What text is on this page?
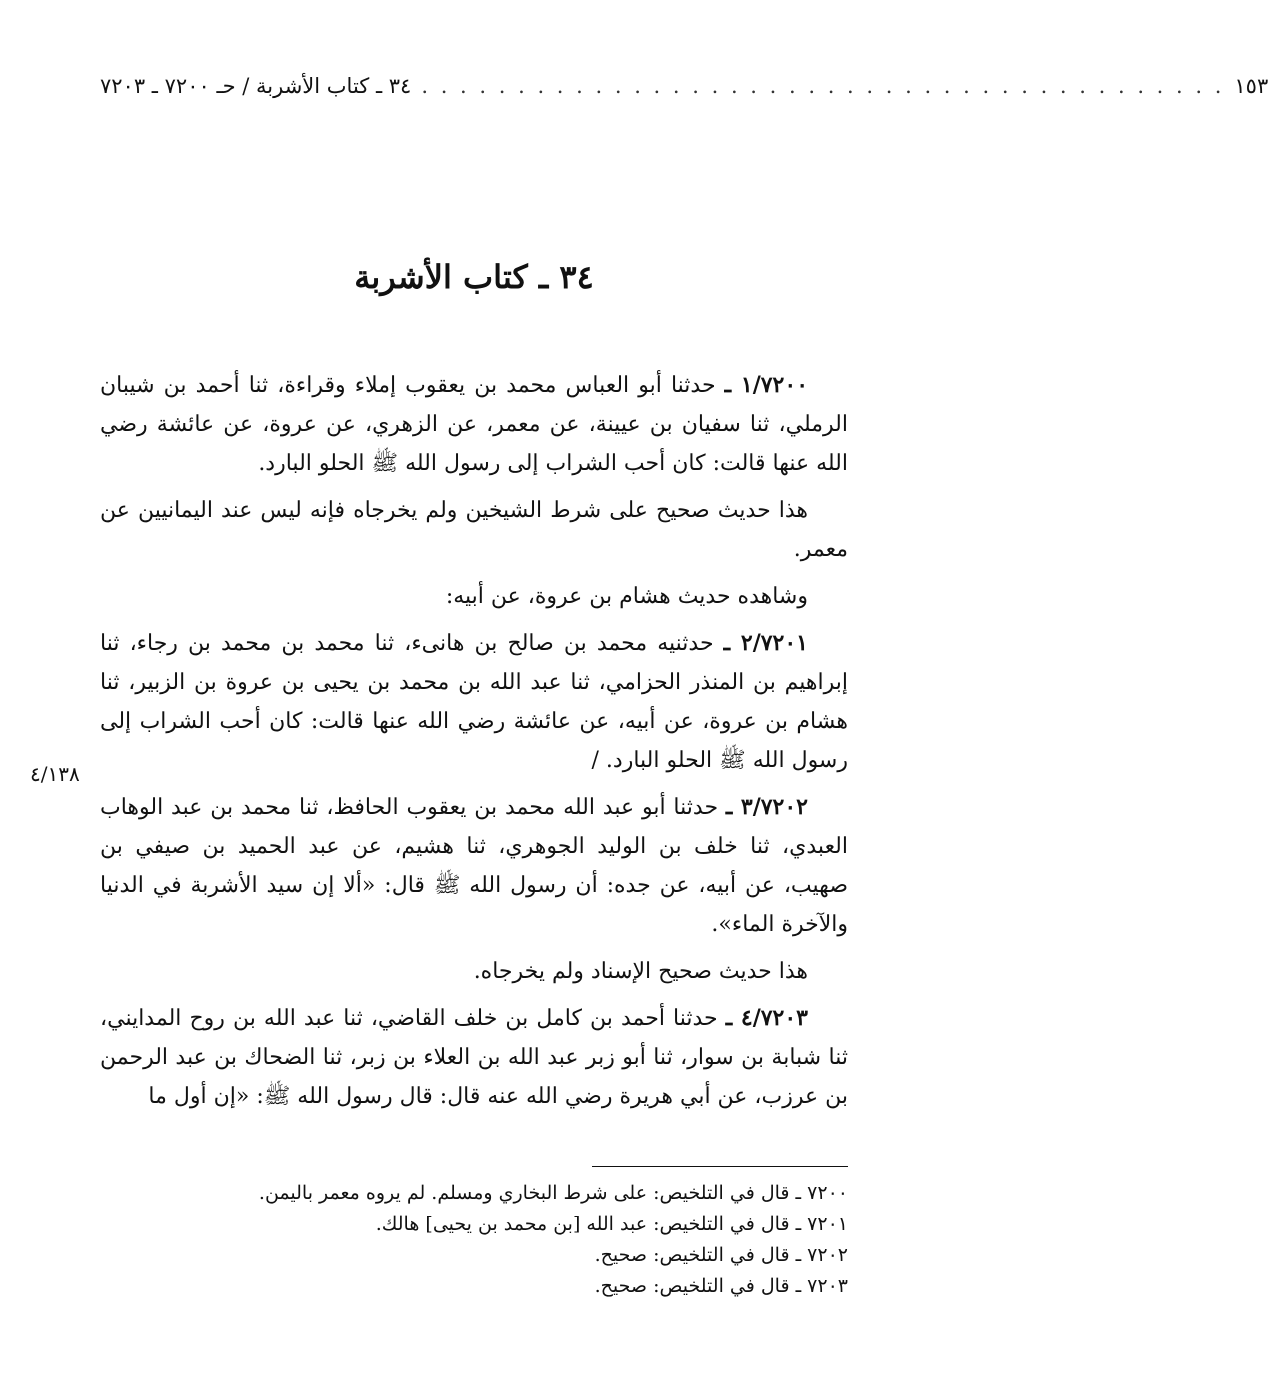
٣٤ ـ كتاب الأشربة / حـ ٧٢٠٠ ـ ٧٢٠٣ . . . . . . . . . . . . . . . . . . . . . . . . . . . . . . . . . . . . . . . . . . ١٥٣
٣٤ ـ كتاب الأشربة

١/٧٢٠٠ ـ حدثنا أبو العباس محمد بن يعقوب إملاء وقراءة، ثنا أحمد بن شيبان الرملي، ثنا سفيان بن عيينة، عن معمر، عن الزهري، عن عروة، عن عائشة رضي الله عنها قالت: كان أحب الشراب إلى رسول الله ﷺ الحلو البارد.

هذا حديث صحيح على شرط الشيخين ولم يخرجاه فإنه ليس عند اليمانيين عن معمر.

وشاهده حديث هشام بن عروة، عن أبيه:

٢/٧٢٠١ ـ حدثنيه محمد بن صالح بن هانىء، ثنا محمد بن محمد بن رجاء، ثنا إبراهيم بن المنذر الحزامي، ثنا عبد الله بن محمد بن يحيى بن عروة بن الزبير، ثنا هشام بن عروة، عن أبيه، عن عائشة رضي الله عنها قالت: كان أحب الشراب إلى رسول الله ﷺ الحلو البارد. /

٣/٧٢٠٢ ـ حدثنا أبو عبد الله محمد بن يعقوب الحافظ، ثنا محمد بن عبد الوهاب العبدي، ثنا خلف بن الوليد الجوهري، ثنا هشيم، عن عبد الحميد بن صيفي بن صهيب، عن أبيه، عن جده: أن رسول الله ﷺ قال: «ألا إن سيد الأشربة في الدنيا والآخرة الماء».

هذا حديث صحيح الإسناد ولم يخرجاه.

٤/٧٢٠٣ ـ حدثنا أحمد بن كامل بن خلف القاضي، ثنا عبد الله بن روح المدايني، ثنا شبابة بن سوار، ثنا أبو زبر عبد الله بن العلاء بن زبر، ثنا الضحاك بن عبد الرحمن بن عرزب، عن أبي هريرة رضي الله عنه قال: قال رسول الله ﷺ: «إن أول ما

٤/١٣٨
٧٢٠٠ ـ قال في التلخيص: على شرط البخاري ومسلم. لم يروه معمر باليمن.
٧٢٠١ ـ قال في التلخيص: عبد الله [بن محمد بن يحيى] هالك.
٧٢٠٢ ـ قال في التلخيص: صحيح.
٧٢٠٣ ـ قال في التلخيص: صحيح.
